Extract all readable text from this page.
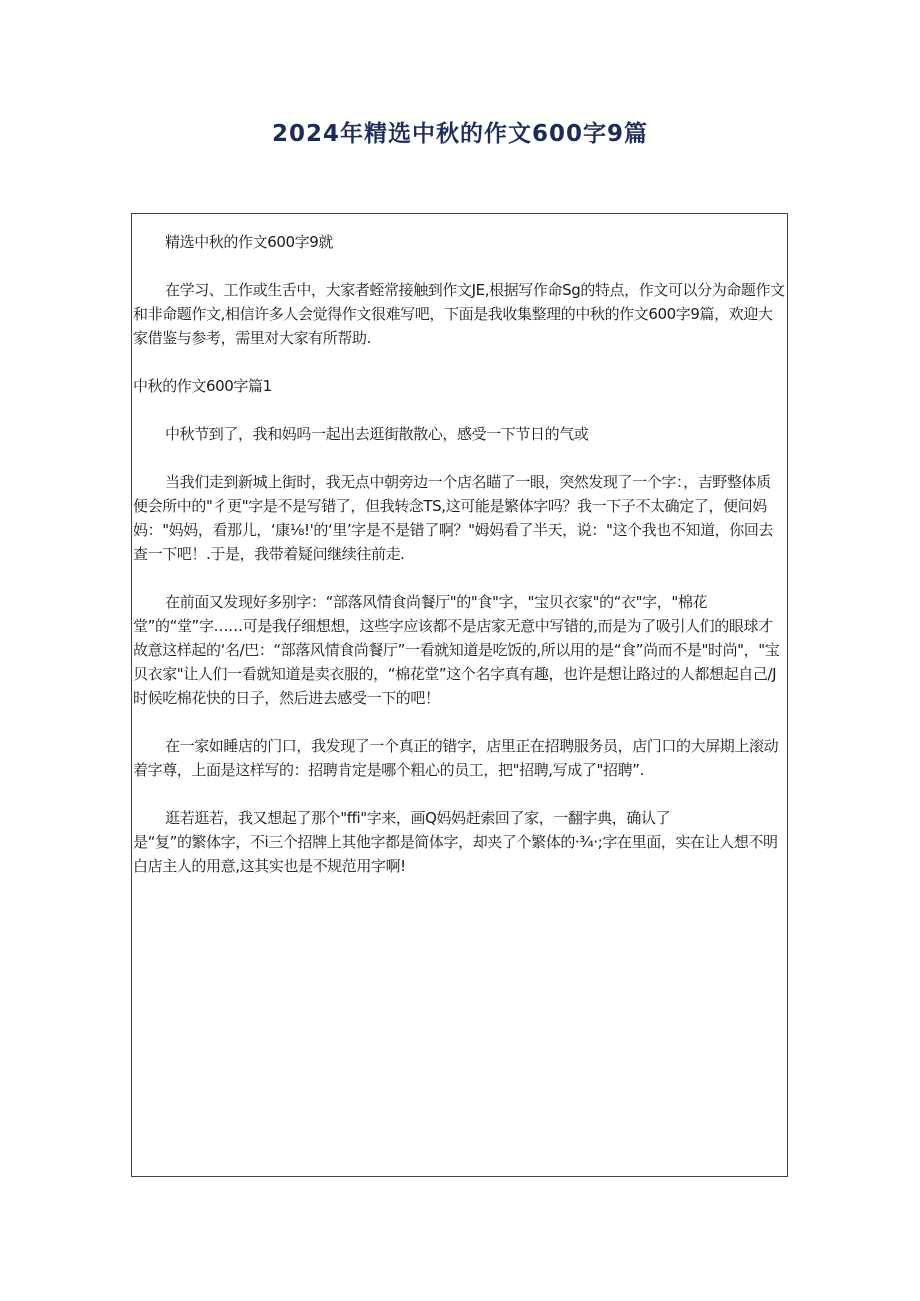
2024年精选中秋的作文600字9篇

精选中秋的作文600字9就

在学习、工作或生舌中，大家者蛭常接触到作文JE,根据写作命Sg的特点，作文可以分为命题作文和非命题作文,相信许多人会觉得作文很难写吧，下面是我收集整理的中秋的作文600字9篇，欢迎大家借鉴与参考，需里对大家有所帮助.

中秋的作文600字篇1

中秋节到了，我和妈吗一起出去逛街散散心，感受一下节日的气或

当我们走到新城上街时，我无点中朝旁边一个店名瞄了一眼，突然发现了一个字：，吉野整体质便会所中的"彳更"字是不是写错了，但我转念TS,这可能是繁体字吗？我一下子不太确定了，便问妈妈："妈妈，看那儿，‘康⅛!'的‘里’字是不是错了啊？"姆妈看了半天，说："这个我也不知道，你回去查一下吧！.于是，我带着疑问继续往前走.

在前面又发现好多别字：“部落风情食尚餐厅"的"食"字，"宝贝衣家"的“衣"字，"棉花堂”的“堂”字……可是我仔细想想，这些字应该都不是店家无意中写错的,而是为了吸引人们的眼球才故意这样起的‘名/巴：“部落风情食尚餐厅”一看就知道是吃饭的,所以用的是“食”尚而不是"时尚"，"宝贝衣家"让人们一看就知道是卖衣服的，“棉花堂”这个名字真有趣，也许是想让路过的人都想起自己/J时候吃棉花快的日子，然后进去感受一下的吧！

在一家如睡店的门口，我发现了一个真正的错字，店里正在招聘服务员，店门口的大屏期上滚动着字尊，上面是这样写的：招聘肯定是哪个粗心的员工，把"招聘,写成了"招聘”.

逛若逛若，我又想起了那个"ffi"字来，画Q妈妈赶索回了家，一翻字典，确认了　　　　　是“复”的繁体字，不i三个招牌上其他字都是简体字，却夹了个繁体的·¾·;字在里面，实在让人想不明白店主人的用意,这其实也是不规范用字啊!
